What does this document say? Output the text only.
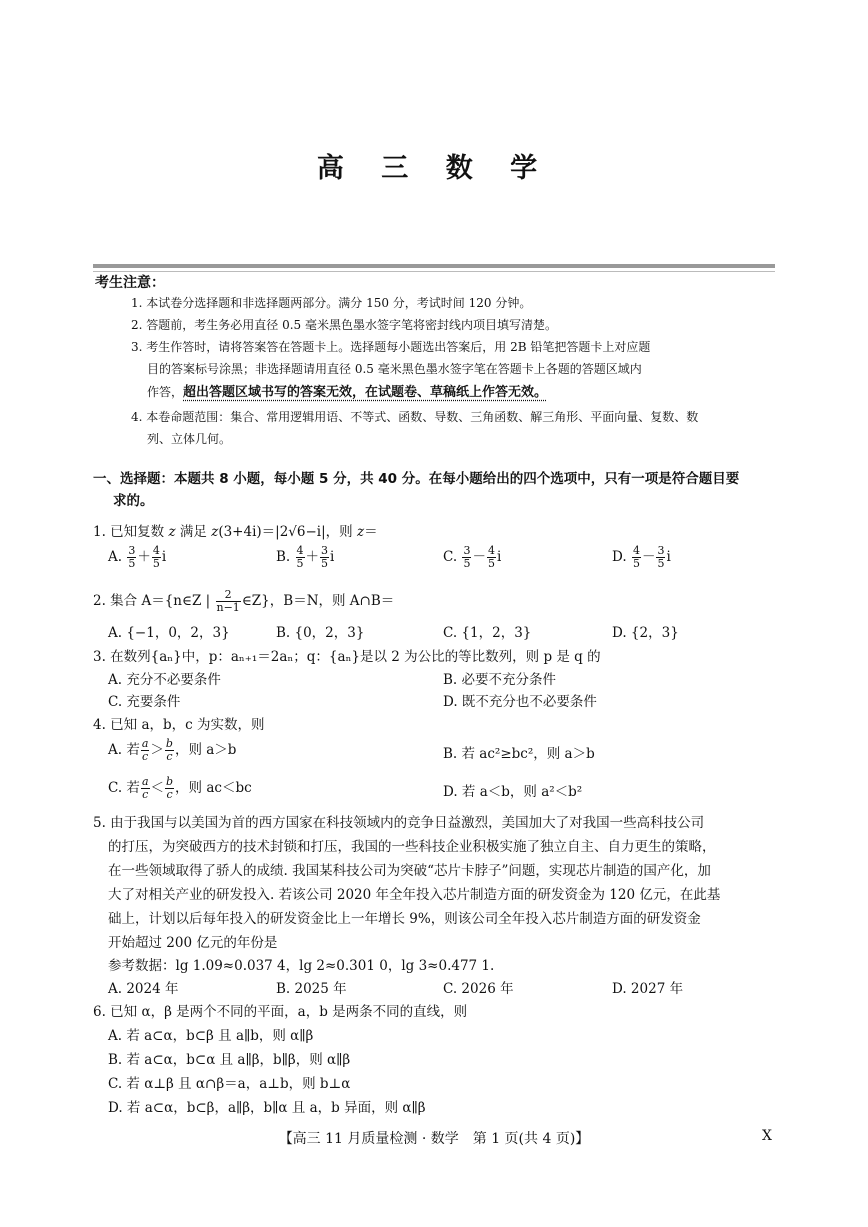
高 三 数 学
考生注意：
1. 本试卷分选择题和非选择题两部分。满分 150 分，考试时间 120 分钟。
2. 答题前，考生务必用直径 0.5 毫米黑色墨水签字笔将密封线内项目填写清楚。
3. 考生作答时，请将答案答在答题卡上。选择题每小题选出答案后，用 2B 铅笔把答题卡上对应题
目的答案标号涂黑；非选择题请用直径 0.5 毫米黑色墨水签字笔在答题卡上各题的答题区域内
作答，超出答题区域书写的答案无效，在试题卷、草稿纸上作答无效。
4. 本卷命题范围：集合、常用逻辑用语、不等式、函数、导数、三角函数、解三角形、平面向量、复数、数
列、立体几何。
一、选择题：本题共 8 小题，每小题 5 分，共 40 分。在每小题给出的四个选项中，只有一项是符合题目要
求的。
1. 已知复数 z 满足 z(3+4i)＝|2√6−i|，则 z＝
A. $\frac{3}{5} + \frac{4}{5}$ i	B. $\frac{4}{5} + \frac{3}{5}$ i	C. $\frac{3}{5} - \frac{4}{5}$ i	D. $\frac{4}{5} - \frac{3}{5}$ i
2. 集合 A＝{n∈Z | $\frac{2}{n-1}$ ∈Z}，B＝N，则 A∩B＝
A. {−1，0，2，3}	B. {0，2，3}	C. {1，2，3}	D. {2，3}
3. 在数列{aₙ}中，p：aₙ₊₁＝2aₙ；q：{aₙ}是以 2 为公比的等比数列，则 p 是 q 的
A. 充分不必要条件	B. 必要不充分条件
C. 充要条件	D. 既不充分也不必要条件
4. 已知 a，b，c 为实数，则
A. 若 $\frac{a}{c} > \frac{b}{c}$ ，则 a＞b	B. 若 ac²≥bc²，则 a＞b
C. 若 $\frac{a}{c} < \frac{b}{c}$ ，则 ac＜bc	D. 若 a＜b，则 a²＜b²
5. 由于我国与以美国为首的西方国家在科技领域内的竞争日益激烈，美国加大了对我国一些高科技公司
的打压，为突破西方的技术封锁和打压，我国的一些科技企业积极实施了独立自主、自力更生的策略，
在一些领域取得了骄人的成绩. 我国某科技公司为突破“芯片卡脖子”问题，实现芯片制造的国产化，加
大了对相关产业的研发投入. 若该公司 2020 年全年投入芯片制造方面的研发资金为 120 亿元，在此基
础上，计划以后每年投入的研发资金比上一年增长 9%，则该公司全年投入芯片制造方面的研发资金
开始超过 200 亿元的年份是
参考数据：lg 1.09≈0.037 4，lg 2≈0.301 0，lg 3≈0.477 1.
A. 2024 年	B. 2025 年	C. 2026 年	D. 2027 年
6. 已知 α，β 是两个不同的平面，a，b 是两条不同的直线，则
A. 若 a⊂α，b⊂β 且 a∥b，则 α∥β
B. 若 a⊂α，b⊂α 且 a∥β，b∥β，则 α∥β
C. 若 α⊥β 且 α∩β＝a，a⊥b，则 b⊥α
D. 若 a⊂α，b⊂β，a∥β，b∥α 且 a，b 异面，则 α∥β
【高三 11 月质量检测 · 数学　第 1 页(共 4 页)】	X
